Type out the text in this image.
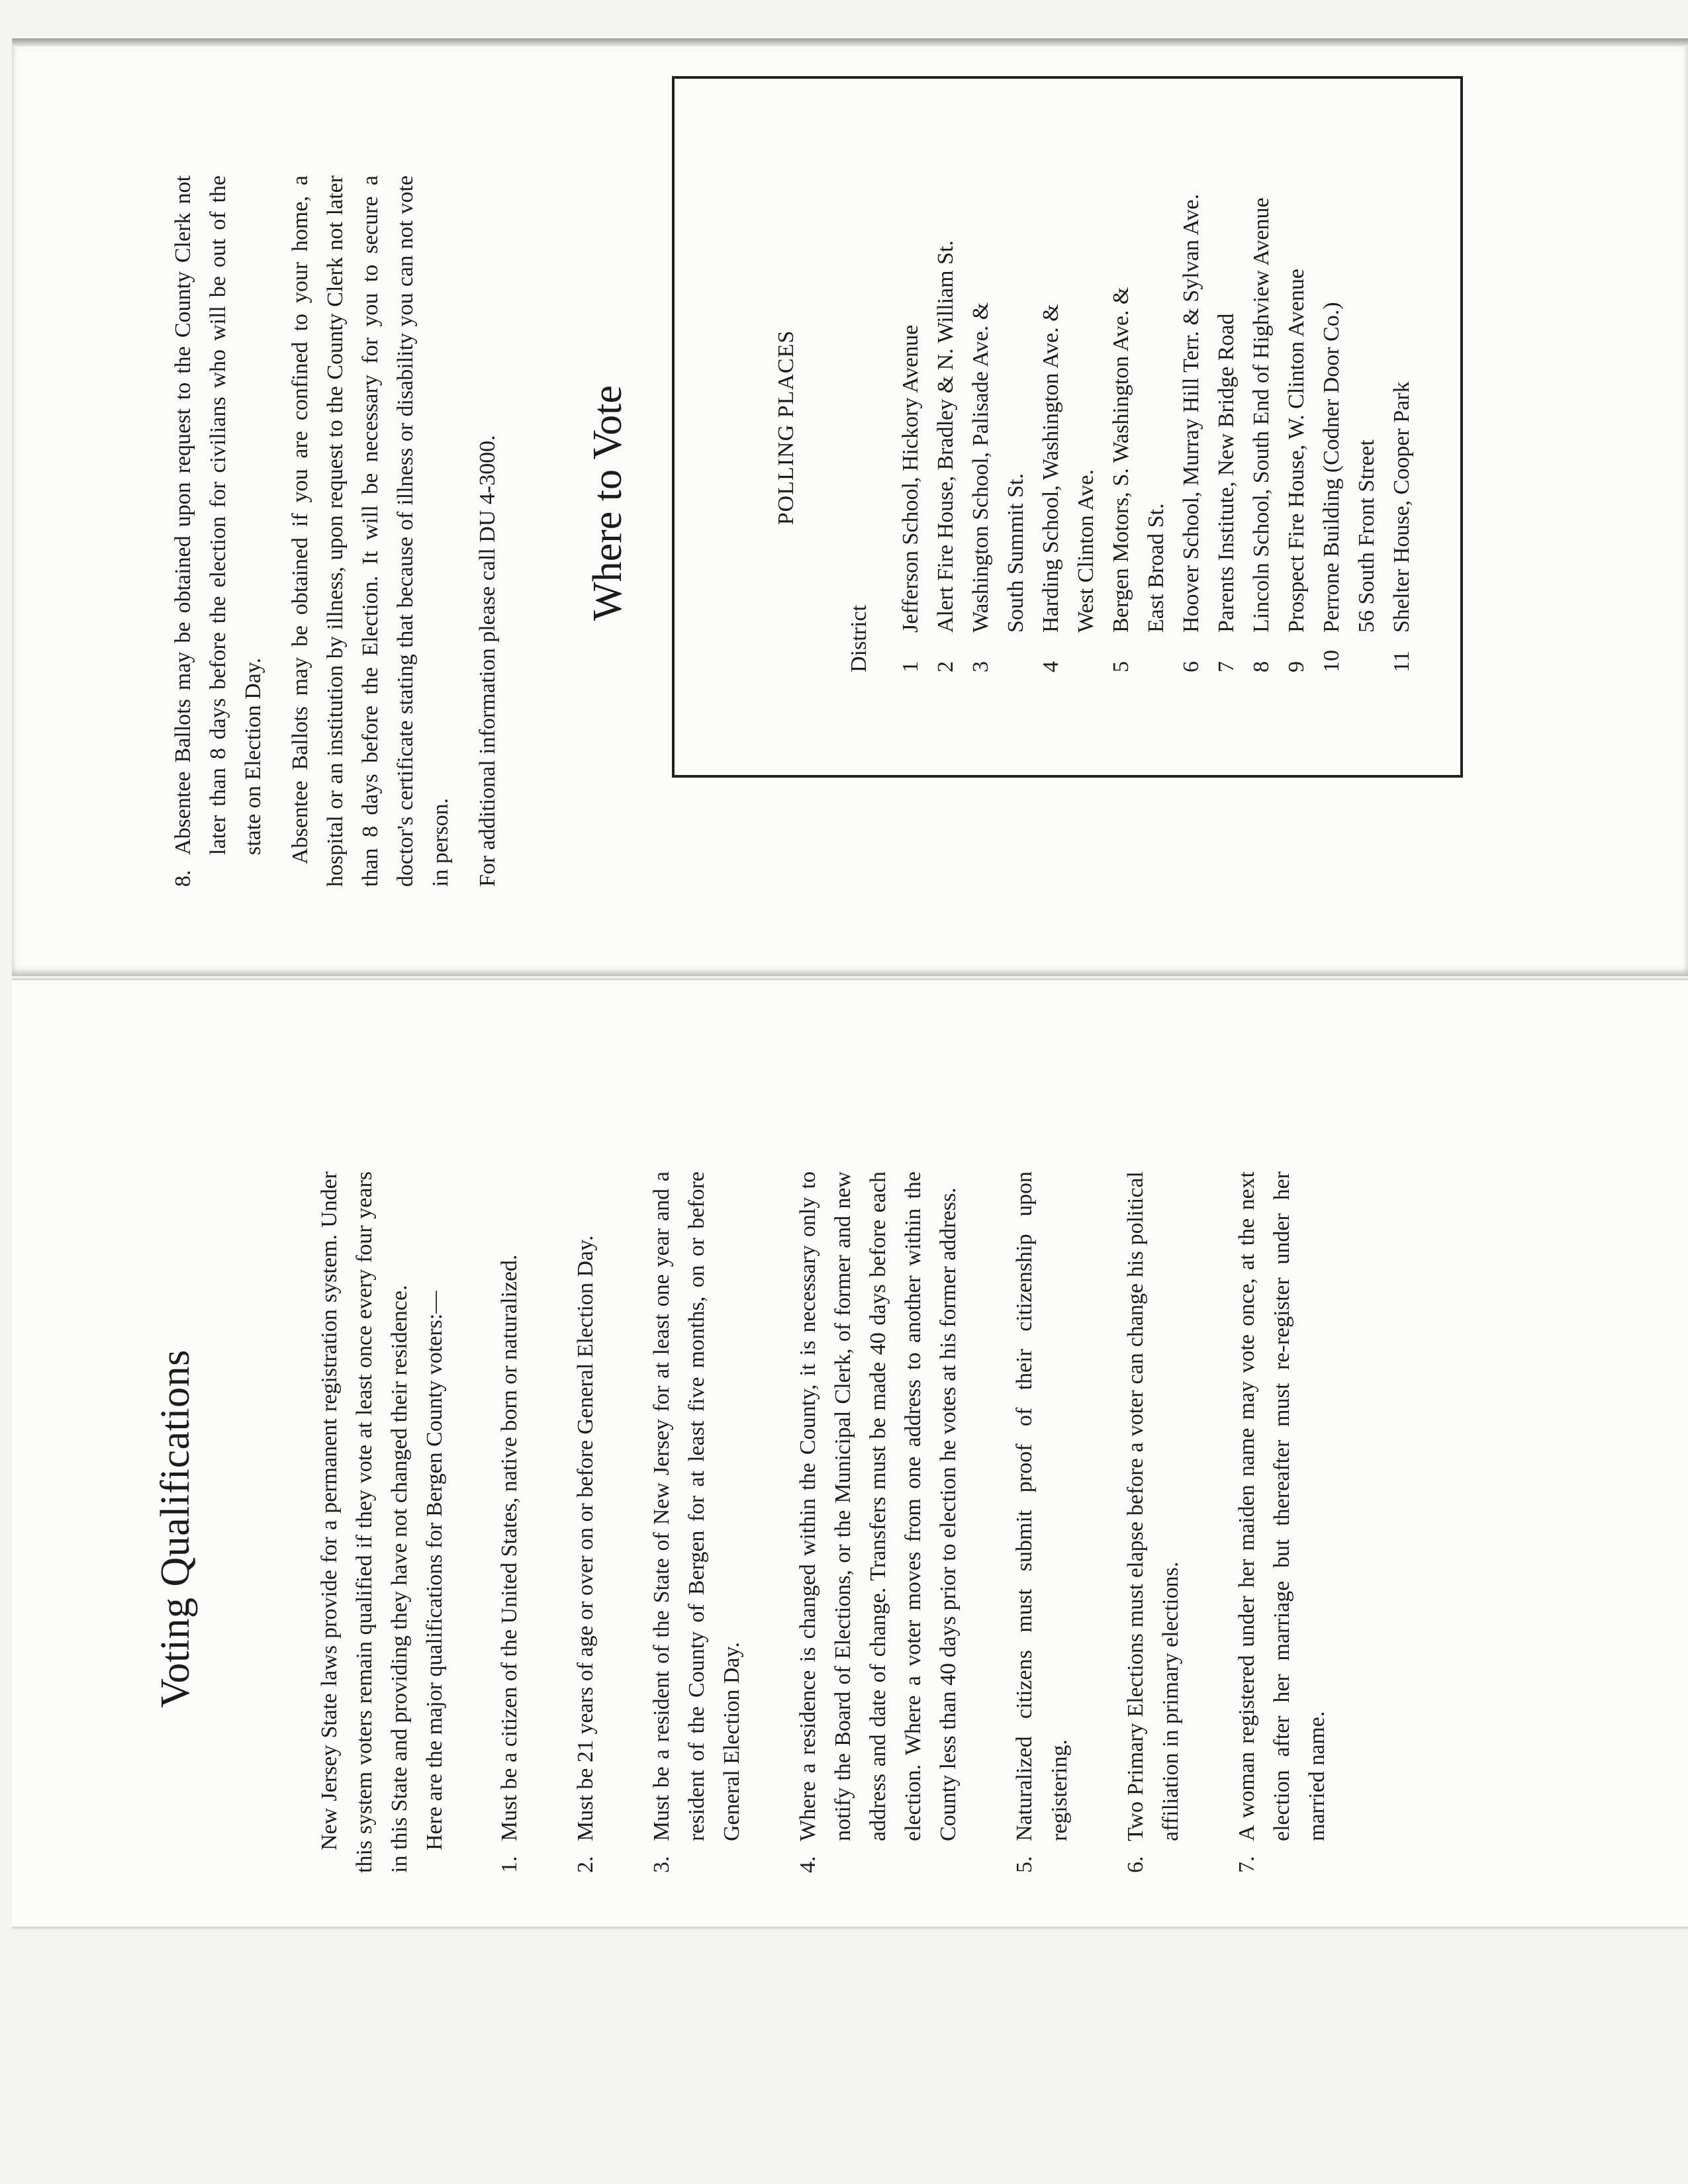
Voting Qualifications	New Jersey State laws provide for a permanent registration system. Under this system voters remain qualified if they vote at least once every four years in this State and providing they have not changed their residence. Here are the major qualifications for Bergen County voters:—

1.
Must be a citizen of the United States, native born or naturalized.
2.
Must be 21 years of age or over on or before General Election Day.
3.
Must be a resident of the State of New Jersey for at least one year and a resident of the County of Bergen for at least five months, on or before General Election Day.
4.
Where a residence is changed within the County, it is necessary only to notify the Board of Elections, or the Municipal Clerk, of former and new address and date of change. Transfers must be made 40 days before each election. Where a voter moves from one address to another within the County less than 40 days prior to election he votes at his former address.
5.
Naturalized citizens must submit proof of their citizenship upon registering.
6.
Two Primary Elections must elapse before a voter can change his political affiliation in primary elections.
7.
A woman registered under her maiden name may vote once, at the next election after her marriage but thereafter must re-register under her married name.
8.
Absentee Ballots may be obtained upon request to the County Clerk not later than 8 days before the election for civilians who will be out of the state on Election Day. Absentee Ballots may be obtained if you are confined to your home, a hospital or an institution by illness, upon request to the County Clerk not later than 8 days before the Election. It will be necessary for you to secure a doctor's certificate stating that because of illness or disability you can not vote in person. For additional information please call DU 4-3000. Where to Vote	POLLING PLACES
District 1
Jefferson School, Hickory Avenue
2
Alert Fire House, Bradley & N. William St.
3
Washington School, Palisade Ave. & South Summit St.
4
Harding School, Washington Ave. & West Clinton Ave.
5
Bergen Motors, S. Washington Ave. & East Broad St.
6
Hoover School, Murray Hill Terr. & Sylvan Ave.
7
Parents Institute, New Bridge Road
8
Lincoln School, South End of Highview Avenue
9
Prospect Fire House, W. Clinton Avenue
10
Perrone Building (Codner Door Co.) 56 South Front Street
11
Shelter House, Cooper Park
